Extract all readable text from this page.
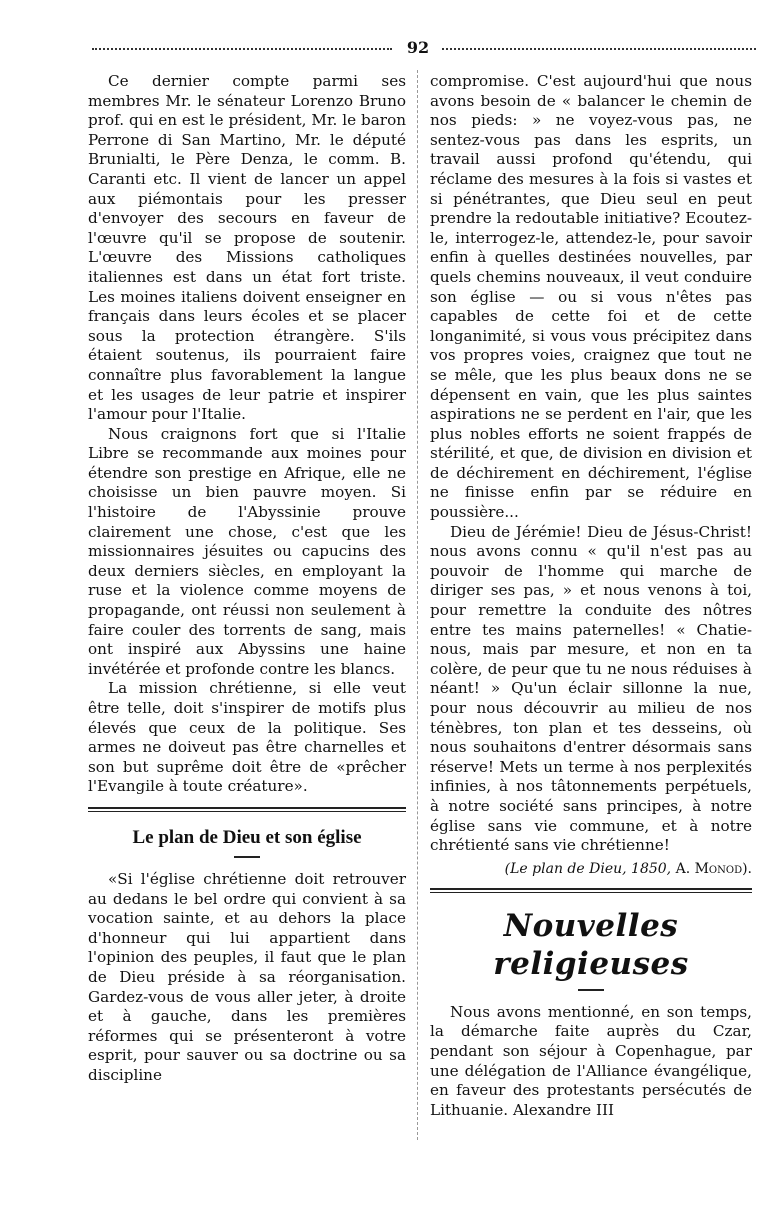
92

Ce dernier compte parmi ses membres Mr. le sénateur Lorenzo Bruno prof. qui en est le président, Mr. le baron Perrone di San Martino, Mr. le député Brunialti, le Père Denza, le comm. B. Caranti etc. Il vient de lancer un appel aux piémontais pour les presser d'envoyer des secours en faveur de l'œuvre qu'il se propose de soutenir. L'œuvre des Missions catholiques italiennes est dans un état fort triste. Les moines italiens doivent enseigner en français dans leurs écoles et se placer sous la protection étrangère. S'ils étaient soutenus, ils pourraient faire connaître plus favorablement la langue et les usages de leur patrie et inspirer l'amour pour l'Italie.

Nous craignons fort que si l'Italie Libre se recommande aux moines pour étendre son prestige en Afrique, elle ne choisisse un bien pauvre moyen. Si l'histoire de l'Abyssinie prouve clairement une chose, c'est que les missionnaires jésuites ou capucins des deux derniers siècles, en employant la ruse et la violence comme moyens de propagande, ont réussi non seulement à faire couler des torrents de sang, mais ont inspiré aux Abyssins une haine invétérée et profonde contre les blancs.

La mission chrétienne, si elle veut être telle, doit s'inspirer de motifs plus élevés que ceux de la politique. Ses armes ne doiveut pas être charnelles et son but suprême doit être de «prêcher l'Evangile à toute créature».

Le plan de Dieu et son église

«Si l'église chrétienne doit retrouver au dedans le bel ordre qui convient à sa vocation sainte, et au dehors la place d'honneur qui lui appartient dans l'opinion des peuples, il faut que le plan de Dieu préside à sa réorganisation. Gardez-vous de vous aller jeter, à droite et à gauche, dans les premières réformes qui se présenteront à votre esprit, pour sauver ou sa doctrine ou sa discipline

compromise. C'est aujourd'hui que nous avons besoin de « balancer le chemin de nos pieds: » ne voyez-vous pas, ne sentez-vous pas dans les esprits, un travail aussi profond qu'étendu, qui réclame des mesures à la fois si vastes et si pénétrantes, que Dieu seul en peut prendre la redoutable initiative? Ecoutez-le, interrogez-le, attendez-le, pour savoir enfin à quelles destinées nouvelles, par quels chemins nouveaux, il veut conduire son église — ou si vous n'êtes pas capables de cette foi et de cette longanimité, si vous vous précipitez dans vos propres voies, craignez que tout ne se mêle, que les plus beaux dons ne se dépensent en vain, que les plus saintes aspirations ne se perdent en l'air, que les plus nobles efforts ne soient frappés de stérilité, et que, de division en division et de déchirement en déchirement, l'église ne finisse enfin par se réduire en poussière...

Dieu de Jérémie! Dieu de Jésus-Christ! nous avons connu « qu'il n'est pas au pouvoir de l'homme qui marche de diriger ses pas, » et nous venons à toi, pour remettre la conduite des nôtres entre tes mains paternelles! « Chatie-nous, mais par mesure, et non en ta colère, de peur que tu ne nous réduises à néant! » Qu'un éclair sillonne la nue, pour nous découvrir au milieu de nos ténèbres, ton plan et tes desseins, où nous souhaitons d'entrer désormais sans réserve! Mets un terme à nos perplexités infinies, à nos tâtonnements perpétuels, à notre société sans principes, à notre église sans vie commune, et à notre chrétienté sans vie chrétienne!

(Le plan de Dieu, 1850, A. Monod).

Nouvelles religieuses

Nous avons mentionné, en son temps, la démarche faite auprès du Czar, pendant son séjour à Copenhague, par une délégation de l'Alliance évangélique, en faveur des protestants persécutés de Lithuanie. Alexandre III
